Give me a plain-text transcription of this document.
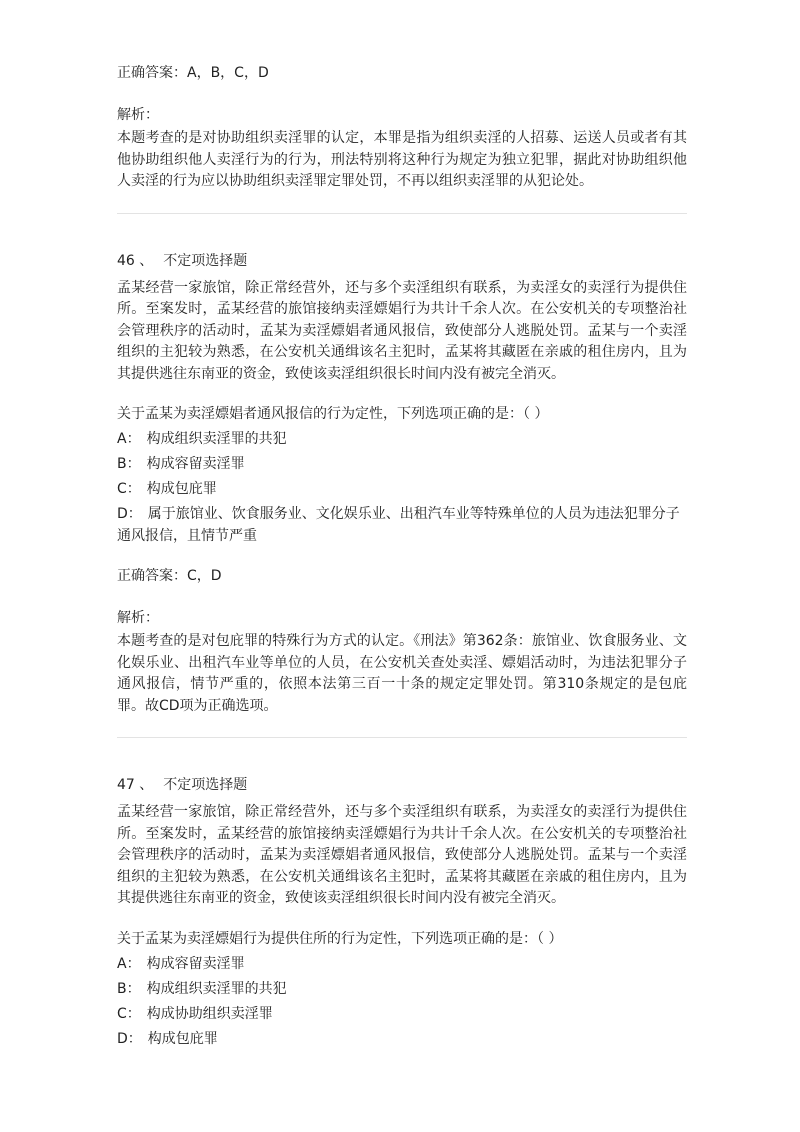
正确答案：A，B，C，D
解析：
本题考查的是对协助组织卖淫罪的认定，本罪是指为组织卖淫的人招募、运送人员或者有其他协助组织他人卖淫行为的行为，刑法特别将这种行为规定为独立犯罪，据此对协助组织他人卖淫的行为应以协助组织卖淫罪定罪处罚，不再以组织卖淫罪的从犯论处。
46 、 不定项选择题
孟某经营一家旅馆，除正常经营外，还与多个卖淫组织有联系，为卖淫女的卖淫行为提供住所。至案发时，孟某经营的旅馆接纳卖淫嫖娼行为共计千余人次。在公安机关的专项整治社会管理秩序的活动时，孟某为卖淫嫖娼者通风报信，致使部分人逃脱处罚。孟某与一个卖淫组织的主犯较为熟悉，在公安机关通缉该名主犯时，孟某将其藏匿在亲戚的租住房内，且为其提供逃往东南亚的资金，致使该卖淫组织很长时间内没有被完全消灭。
关于孟某为卖淫嫖娼者通风报信的行为定性，下列选项正确的是：（ ）
A： 构成组织卖淫罪的共犯
B： 构成容留卖淫罪
C： 构成包庇罪
D： 属于旅馆业、饮食服务业、文化娱乐业、出租汽车业等特殊单位的人员为违法犯罪分子通风报信，且情节严重
正确答案：C，D
解析：
本题考查的是对包庇罪的特殊行为方式的认定。《刑法》第362条：旅馆业、饮食服务业、文化娱乐业、出租汽车业等单位的人员，在公安机关查处卖淫、嫖娼活动时，为违法犯罪分子通风报信，情节严重的，依照本法第三百一十条的规定定罪处罚。第310条规定的是包庇罪。故CD项为正确选项。
47 、 不定项选择题
孟某经营一家旅馆，除正常经营外，还与多个卖淫组织有联系，为卖淫女的卖淫行为提供住所。至案发时，孟某经营的旅馆接纳卖淫嫖娼行为共计千余人次。在公安机关的专项整治社会管理秩序的活动时，孟某为卖淫嫖娼者通风报信，致使部分人逃脱处罚。孟某与一个卖淫组织的主犯较为熟悉，在公安机关通缉该名主犯时，孟某将其藏匿在亲戚的租住房内，且为其提供逃往东南亚的资金，致使该卖淫组织很长时间内没有被完全消灭。
关于孟某为卖淫嫖娼行为提供住所的行为定性，下列选项正确的是：（ ）
A： 构成容留卖淫罪
B： 构成组织卖淫罪的共犯
C： 构成协助组织卖淫罪
D： 构成包庇罪
